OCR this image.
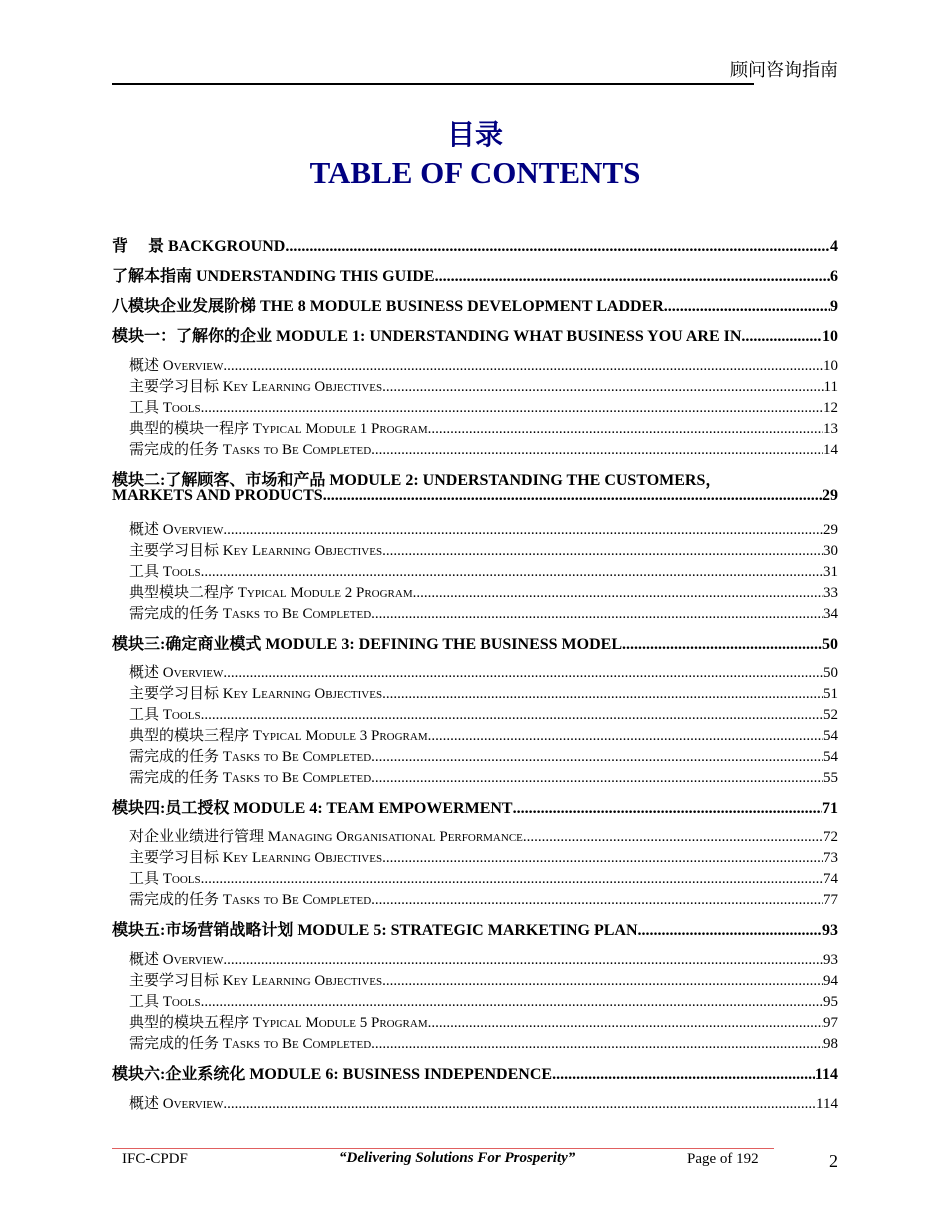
顾问咨询指南
目录
TABLE OF CONTENTS
背　 景 BACKGROUND .....	4
了解本指南 UNDERSTANDING THIS GUIDE .....	6
八模块企业发展阶梯 THE 8 MODULE BUSINESS DEVELOPMENT LADDER .....	9
模块一：了解你的企业 MODULE 1: UNDERSTANDING WHAT BUSINESS YOU ARE IN .....	10
概述 Overview .....	10
主要学习目标 Key Learning Objectives .....	11
工具 Tools .....	12
典型的模块一程序 Typical Module 1 Program .....	13
需完成的任务 Tasks to Be Completed .....	14
模块二:了解顾客、市场和产品 MODULE 2: UNDERSTANDING THE CUSTOMERS，
MARKETS AND PRODUCTS .....	29
概述 Overview .....	29
主要学习目标 Key Learning Objectives .....	30
工具 Tools .....	31
典型模块二程序 Typical Module 2 Program .....	33
需完成的任务 Tasks to Be Completed .....	34
模块三:确定商业模式 MODULE 3: DEFINING THE BUSINESS MODEL .....	50
概述 Overview .....	50
主要学习目标 Key Learning Objectives .....	51
工具 Tools .....	52
典型的模块三程序 Typical Module 3 Program .....	54
需完成的任务 Tasks to Be Completed .....	54
需完成的任务 Tasks to Be Completed .....	55
模块四:员工授权 MODULE 4: TEAM EMPOWERMENT .....	71
对企业业绩进行管理 Managing Organisational Performance .....	72
主要学习目标 Key Learning Objectives .....	73
工具 Tools .....	74
需完成的任务 Tasks to Be Completed .....	77
模块五:市场营销战略计划 MODULE 5: STRATEGIC MARKETING PLAN .....	93
概述 Overview .....	93
主要学习目标 Key Learning Objectives .....	94
工具 Tools .....	95
典型的模块五程序 Typical Module 5 Program .....	97
需完成的任务 Tasks to Be Completed .....	98
模块六:企业系统化 MODULE 6: BUSINESS INDEPENDENCE .....	114
概述 Overview .....	114
IFC-CPDF	“Delivering Solutions For Prosperity”	Page of 192	2
